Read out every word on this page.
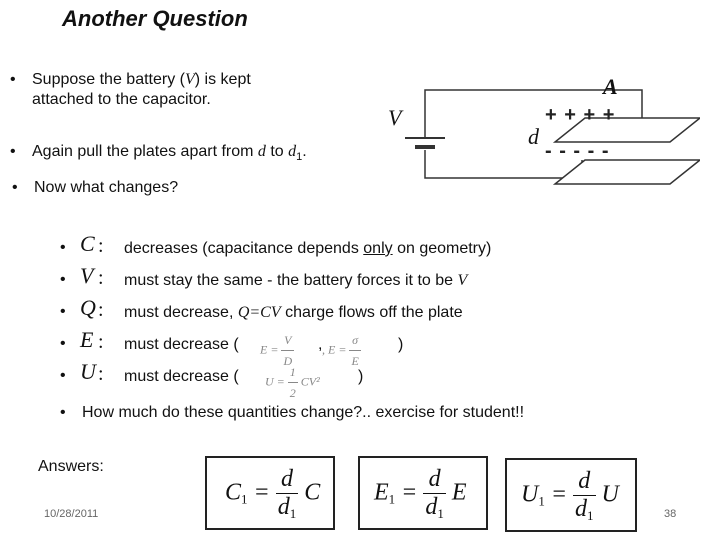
Another Question
• Suppose the battery (V) is kept
attached to the capacitor.
• Again pull the plates apart from d to $d_1$.
V
A
d
+ + + +
- - - - -
• Now what changes?
• C : decreases (capacitance depends only on geometry)
• V : must stay the same - the battery forces it to be V
• Q : must decrease, Q=CV charge flows off the plate
• E : must decrease ( $E = \frac{V}{D}$ , , $E = \frac{\sigma}{E}$ )
• U : must decrease ( $U = \frac{1}{2} CV^2$ )
• How much do these quantities change?.. exercise for student!!
Answers:
$C_1 = \frac{d}{d_1}$ C $E_1 = \frac{d}{d_1}$ E $U_1 = \frac{d}{d_1}$ U
10/28/2011	38
